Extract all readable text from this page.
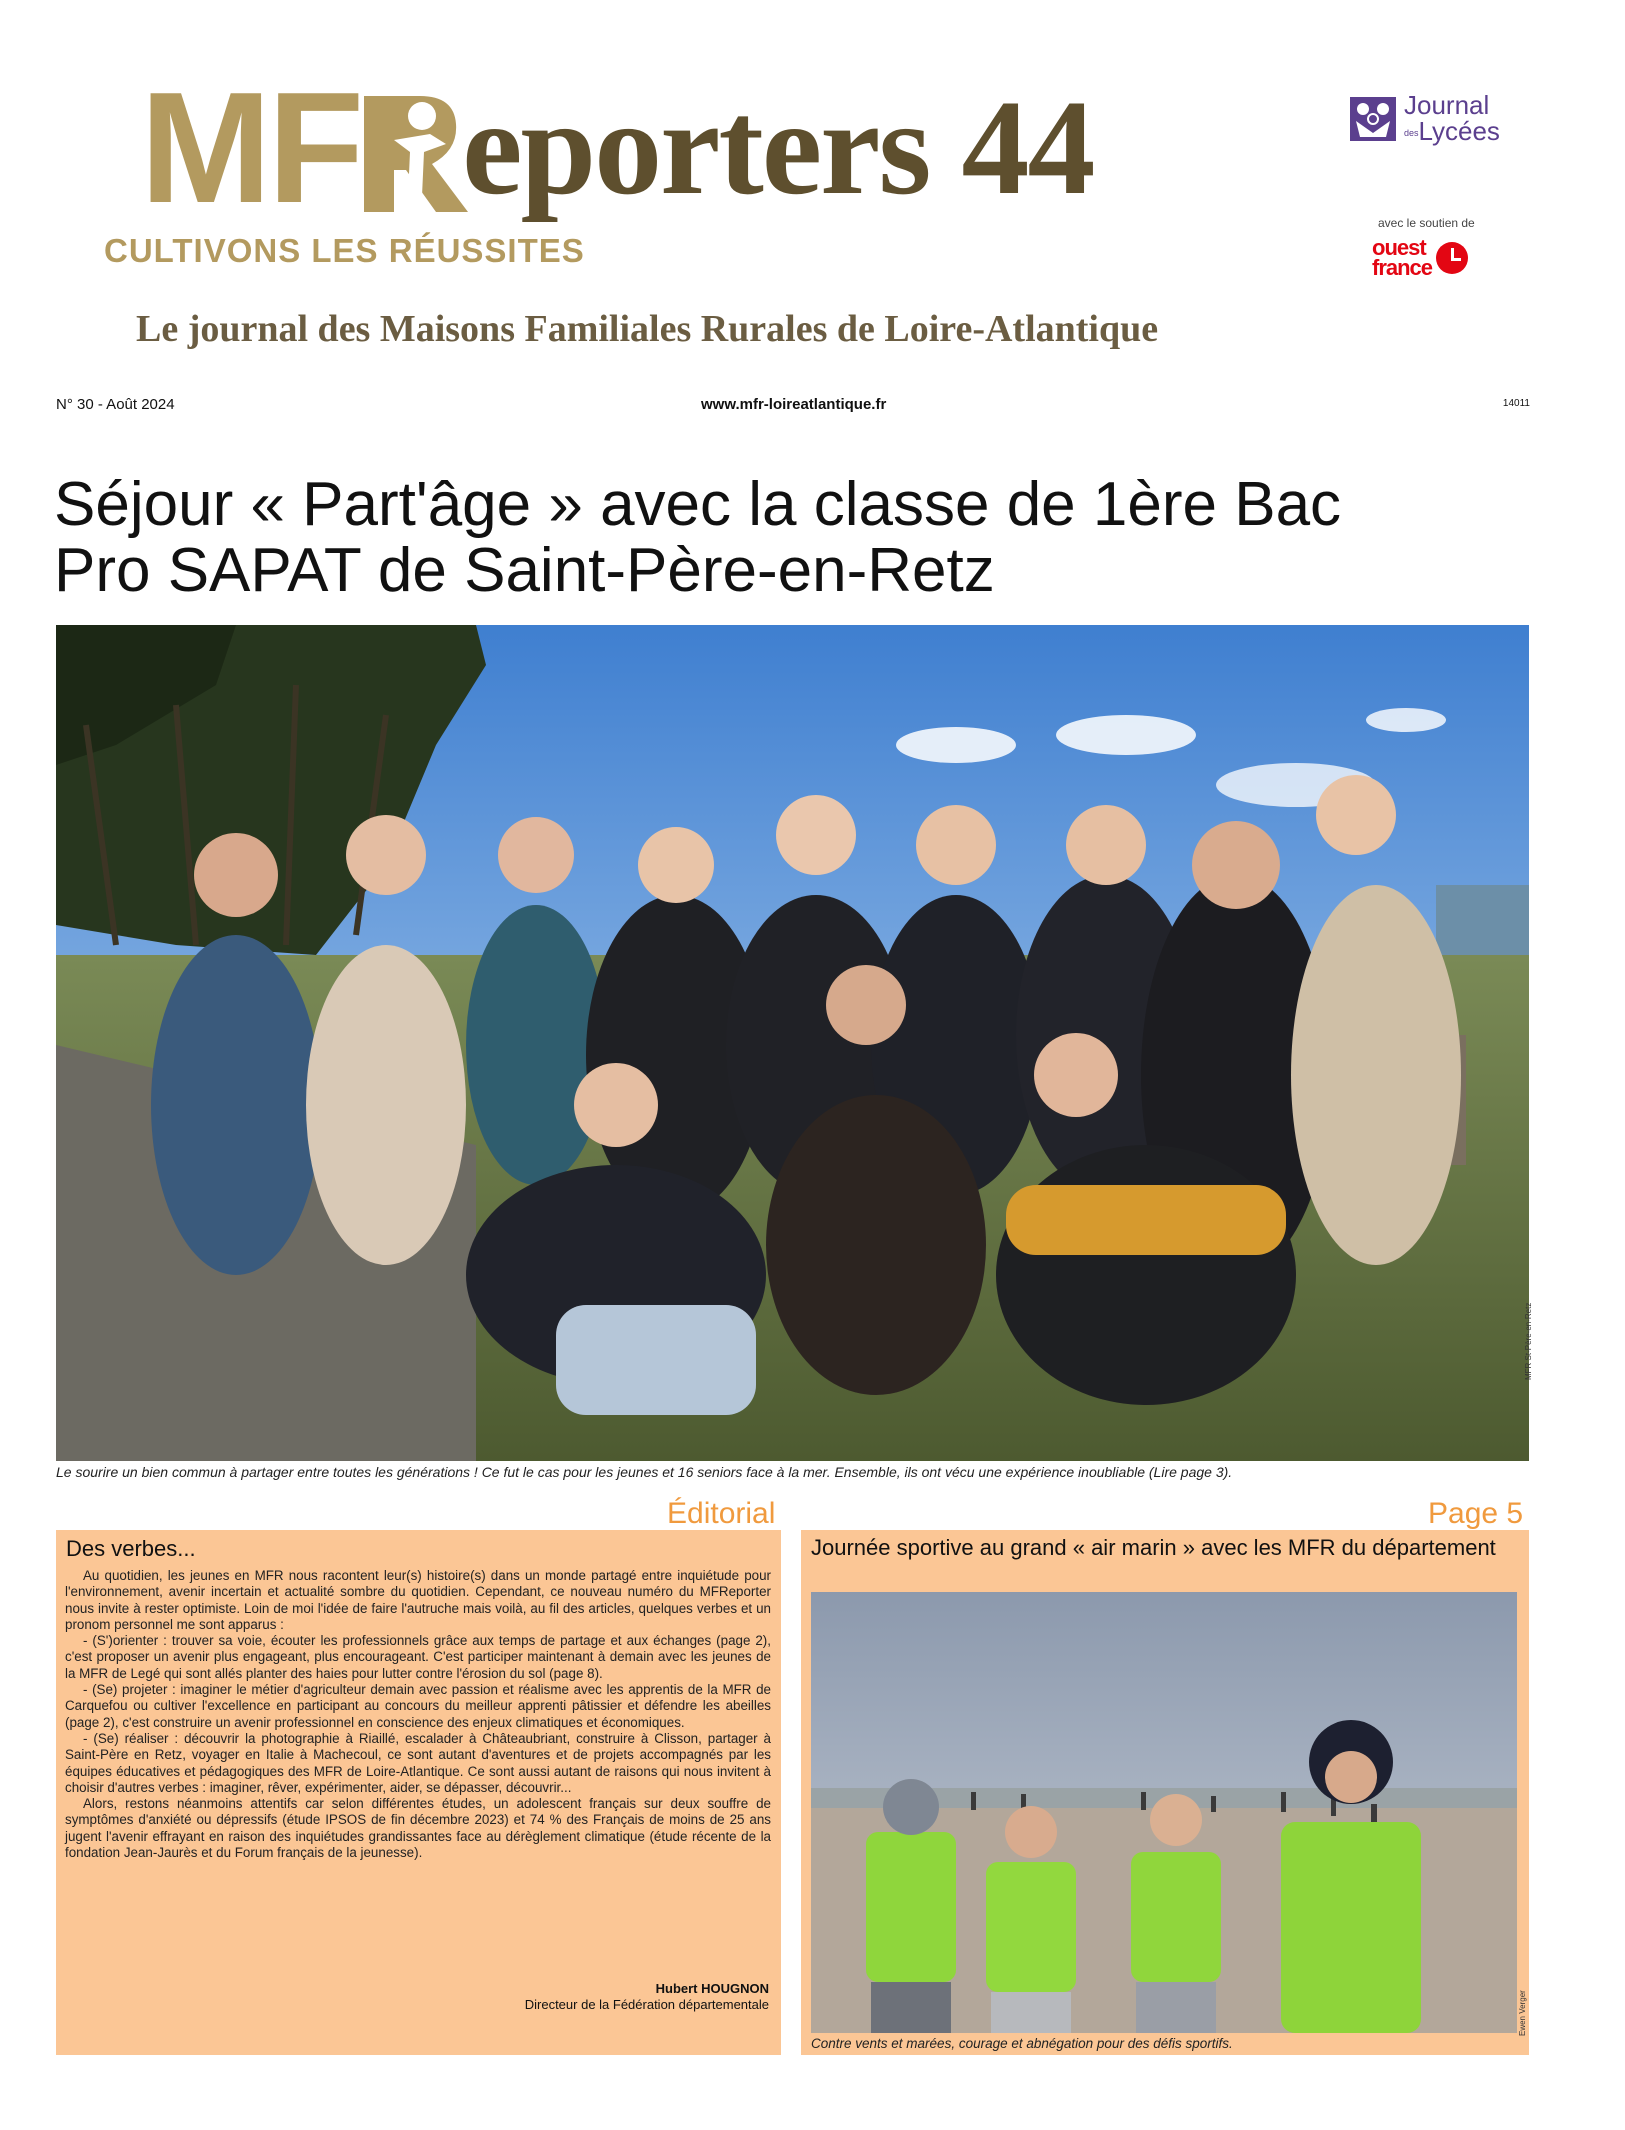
MF eporters 44
CULTIVONS LES RÉUSSITES
Le journal des Maisons Familiales Rurales de Loire-Atlantique
Journal
desLycées
avec le soutien de
ouest
france
N° 30 - Août 2024	www.mfr-loireatlantique.fr	14011
Séjour « Part'âge » avec la classe de 1ère Bac
Pro SAPAT de Saint-Père-en-Retz
MFR St-Père-en-Retz
Le sourire un bien commun à partager entre toutes les générations ! Ce fut le cas pour les jeunes et 16 seniors face à la mer. Ensemble, ils ont vécu une expérience inoubliable (Lire page 3).
Éditorial	Page 5
Des verbes...

Au quotidien, les jeunes en MFR nous racontent leur(s) histoire(s) dans un monde partagé entre inquiétude pour l'environnement, avenir incertain et actualité sombre du quotidien. Cependant, ce nouveau numéro du MFReporter nous invite à rester optimiste. Loin de moi l'idée de faire l'autruche mais voilà, au fil des articles, quelques verbes et un pronom personnel me sont apparus :

- (S')orienter : trouver sa voie, écouter les professionnels grâce aux temps de partage et aux échanges (page 2), c'est proposer un avenir plus engageant, plus encourageant. C'est participer maintenant à demain avec les jeunes de la MFR de Legé qui sont allés planter des haies pour lutter contre l'érosion du sol (page 8).

- (Se) projeter : imaginer le métier d'agriculteur demain avec passion et réalisme avec les apprentis de la MFR de Carquefou ou cultiver l'excellence en participant au concours du meilleur apprenti pâtissier et défendre les abeilles (page 2), c'est construire un avenir professionnel en conscience des enjeux climatiques et économiques.

- (Se) réaliser : découvrir la photographie à Riaillé, escalader à Châteaubriant, construire à Clisson, partager à Saint-Père en Retz, voyager en Italie à Machecoul, ce sont autant d'aventures et de projets accompagnés par les équipes éducatives et pédagogiques des MFR de Loire-Atlantique. Ce sont aussi autant de raisons qui nous invitent à choisir d'autres verbes : imaginer, rêver, expérimenter, aider, se dépasser, découvrir...

Alors, restons néanmoins attentifs car selon différentes études, un adolescent français sur deux souffre de symptômes d'anxiété ou dépressifs (étude IPSOS de fin décembre 2023) et 74 % des Français de moins de 25 ans jugent l'avenir effrayant en raison des inquiétudes grandissantes face au dérèglement climatique (étude récente de la fondation Jean-Jaurès et du Forum français de la jeunesse).

Hubert HOUGNON
Directeur de la Fédération départementale
Journée sportive au grand « air marin » avec les MFR du département
Ewen Verger
Contre vents et marées, courage et abnégation pour des défis sportifs.
